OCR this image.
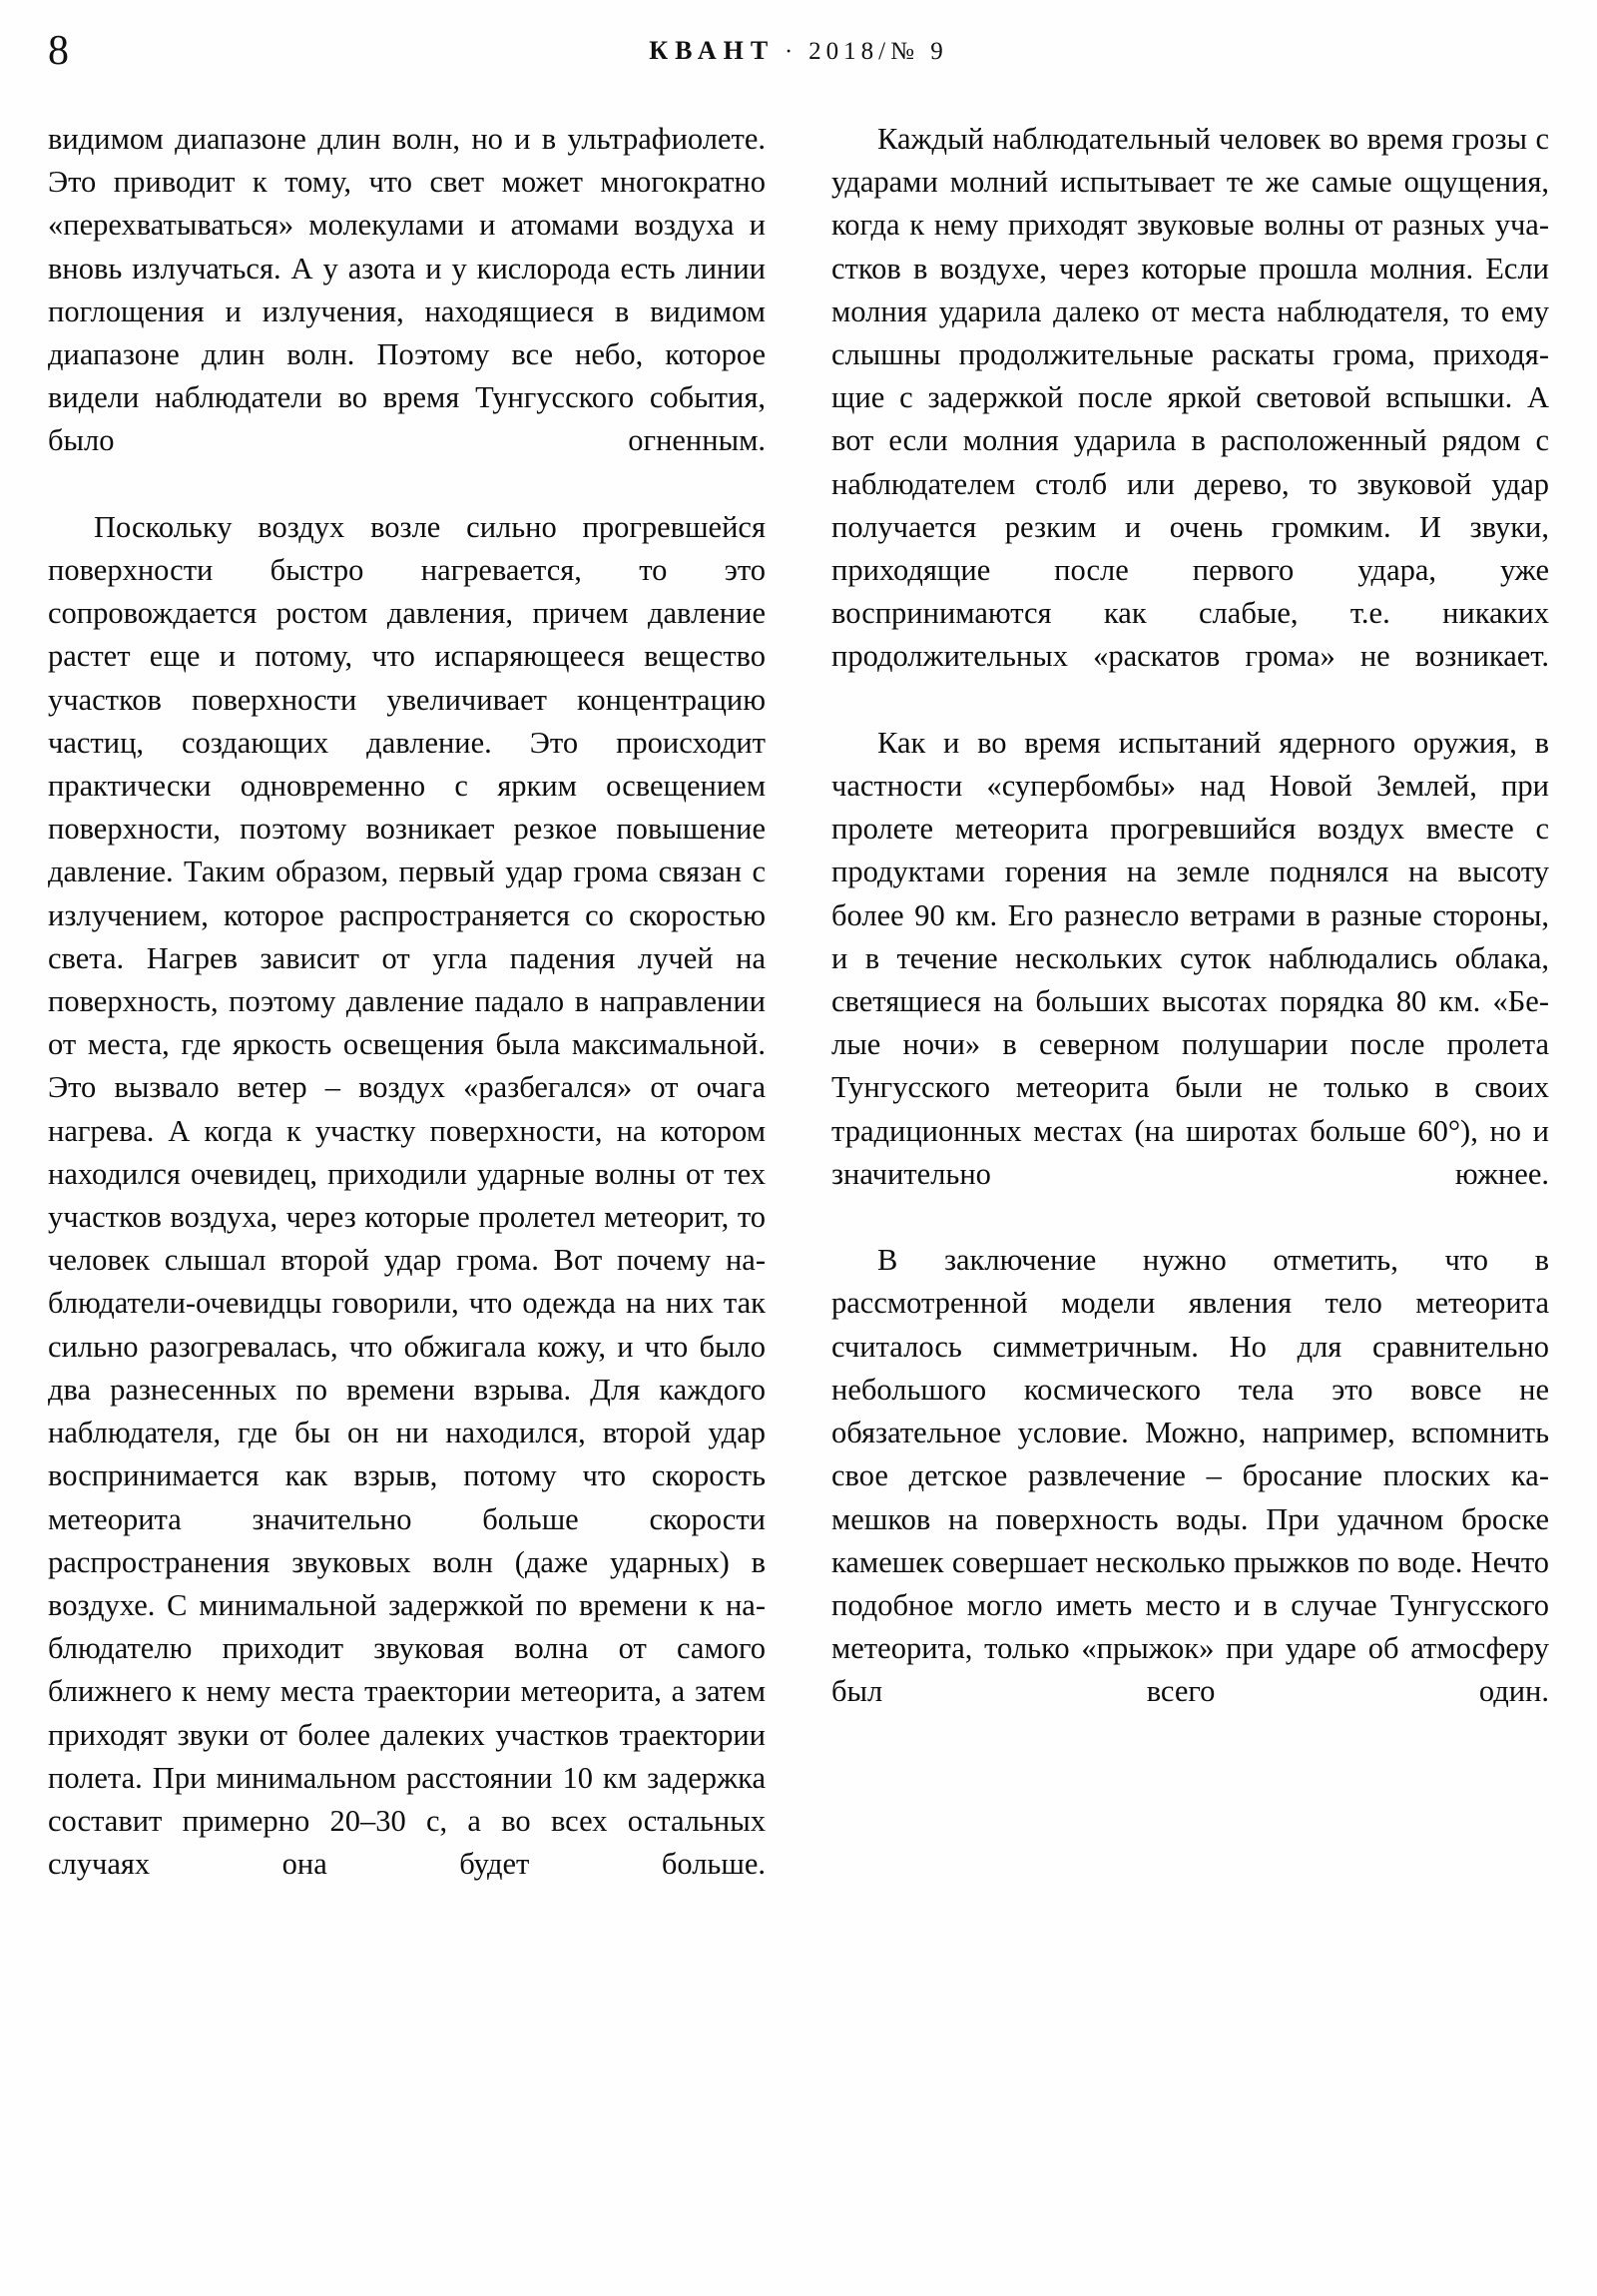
8	КВАНТ · 2018/№ 9

видимом диапазоне длин волн, но и в ультрафиолете. Это приводит к тому, что свет может многократно «перехватываться» молекулами и атомами воздуха и вновь излучаться. А у азота и у кислорода есть линии поглощения и излучения, находящиеся в видимом диапазоне длин волн. Поэтому все небо, которое видели наблюдатели во время Тунгусского события, было огненным.

Поскольку воздух возле сильно прогревшейся поверхности быстро нагревается, то это сопровождается ростом давления, причем давление растет еще и потому, что испаряющееся вещество участков поверхности увеличивает концентрацию частиц, создающих давление. Это происходит практически одновременно с ярким освещением поверхности, поэтому возникает резкое повышение давление. Таким образом, первый удар грома связан с излучением, которое распространяется со скоростью света. Нагрев зависит от угла падения лучей на поверхность, поэтому давление падало в направлении от места, где яркость освещения была максимальной. Это вызвало ветер – воздух «разбегался» от очага нагрева. А когда к участку поверхности, на котором находился очевидец, приходили ударные волны от тех участков воздуха, через которые пролетел метеорит, то человек слышал второй удар грома. Вот почему наблюдатели-очевидцы говорили, что одежда на них так сильно разогревалась, что обжигала кожу, и что было два разнесенных по времени взрыва. Для каждого наблюдателя, где бы он ни находился, второй удар воспринимается как взрыв, потому что скорость метеорита значительно больше скорости распространения звуковых волн (даже ударных) в воздухе. С минимальной задержкой по времени к наблюдателю приходит звуковая волна от самого ближнего к нему места траектории метеорита, а затем приходят звуки от более далеких участков траектории полета. При минимальном расстоянии 10 км задержка составит примерно 20–30 с, а во всех остальных случаях она будет больше.

Каждый наблюдательный человек во время грозы с ударами молний испытывает те же самые ощущения, когда к нему приходят звуковые волны от разных участков в воздухе, через которые прошла молния. Если молния ударила далеко от места наблюдателя, то ему слышны продолжительные раскаты грома, приходящие с задержкой после яркой световой вспышки. А вот если молния ударила в расположенный рядом с наблюдателем столб или дерево, то звуковой удар получается резким и очень громким. И звуки, приходящие после первого удара, уже воспринимаются как слабые, т.е. никаких продолжительных «раскатов грома» не возникает.

Как и во время испытаний ядерного оружия, в частности «супербомбы» над Новой Землей, при пролете метеорита прогревшийся воздух вместе с продуктами горения на земле поднялся на высоту более 90 км. Его разнесло ветрами в разные стороны, и в течение нескольких суток наблюдались облака, светящиеся на больших высотах порядка 80 км. «Белые ночи» в северном полушарии после пролета Тунгусского метеорита были не только в своих традиционных местах (на широтах больше 60°), но и значительно южнее.

В заключение нужно отметить, что в рассмотренной модели явления тело метеорита считалось симметричным. Но для сравнительно небольшого космического тела это вовсе не обязательное условие. Можно, например, вспомнить свое детское развлечение – бросание плоских камешков на поверхность воды. При удачном броске камешек совершает несколько прыжков по воде. Нечто подобное могло иметь место и в случае Тунгусского метеорита, только «прыжок» при ударе об атмосферу был всего один.
